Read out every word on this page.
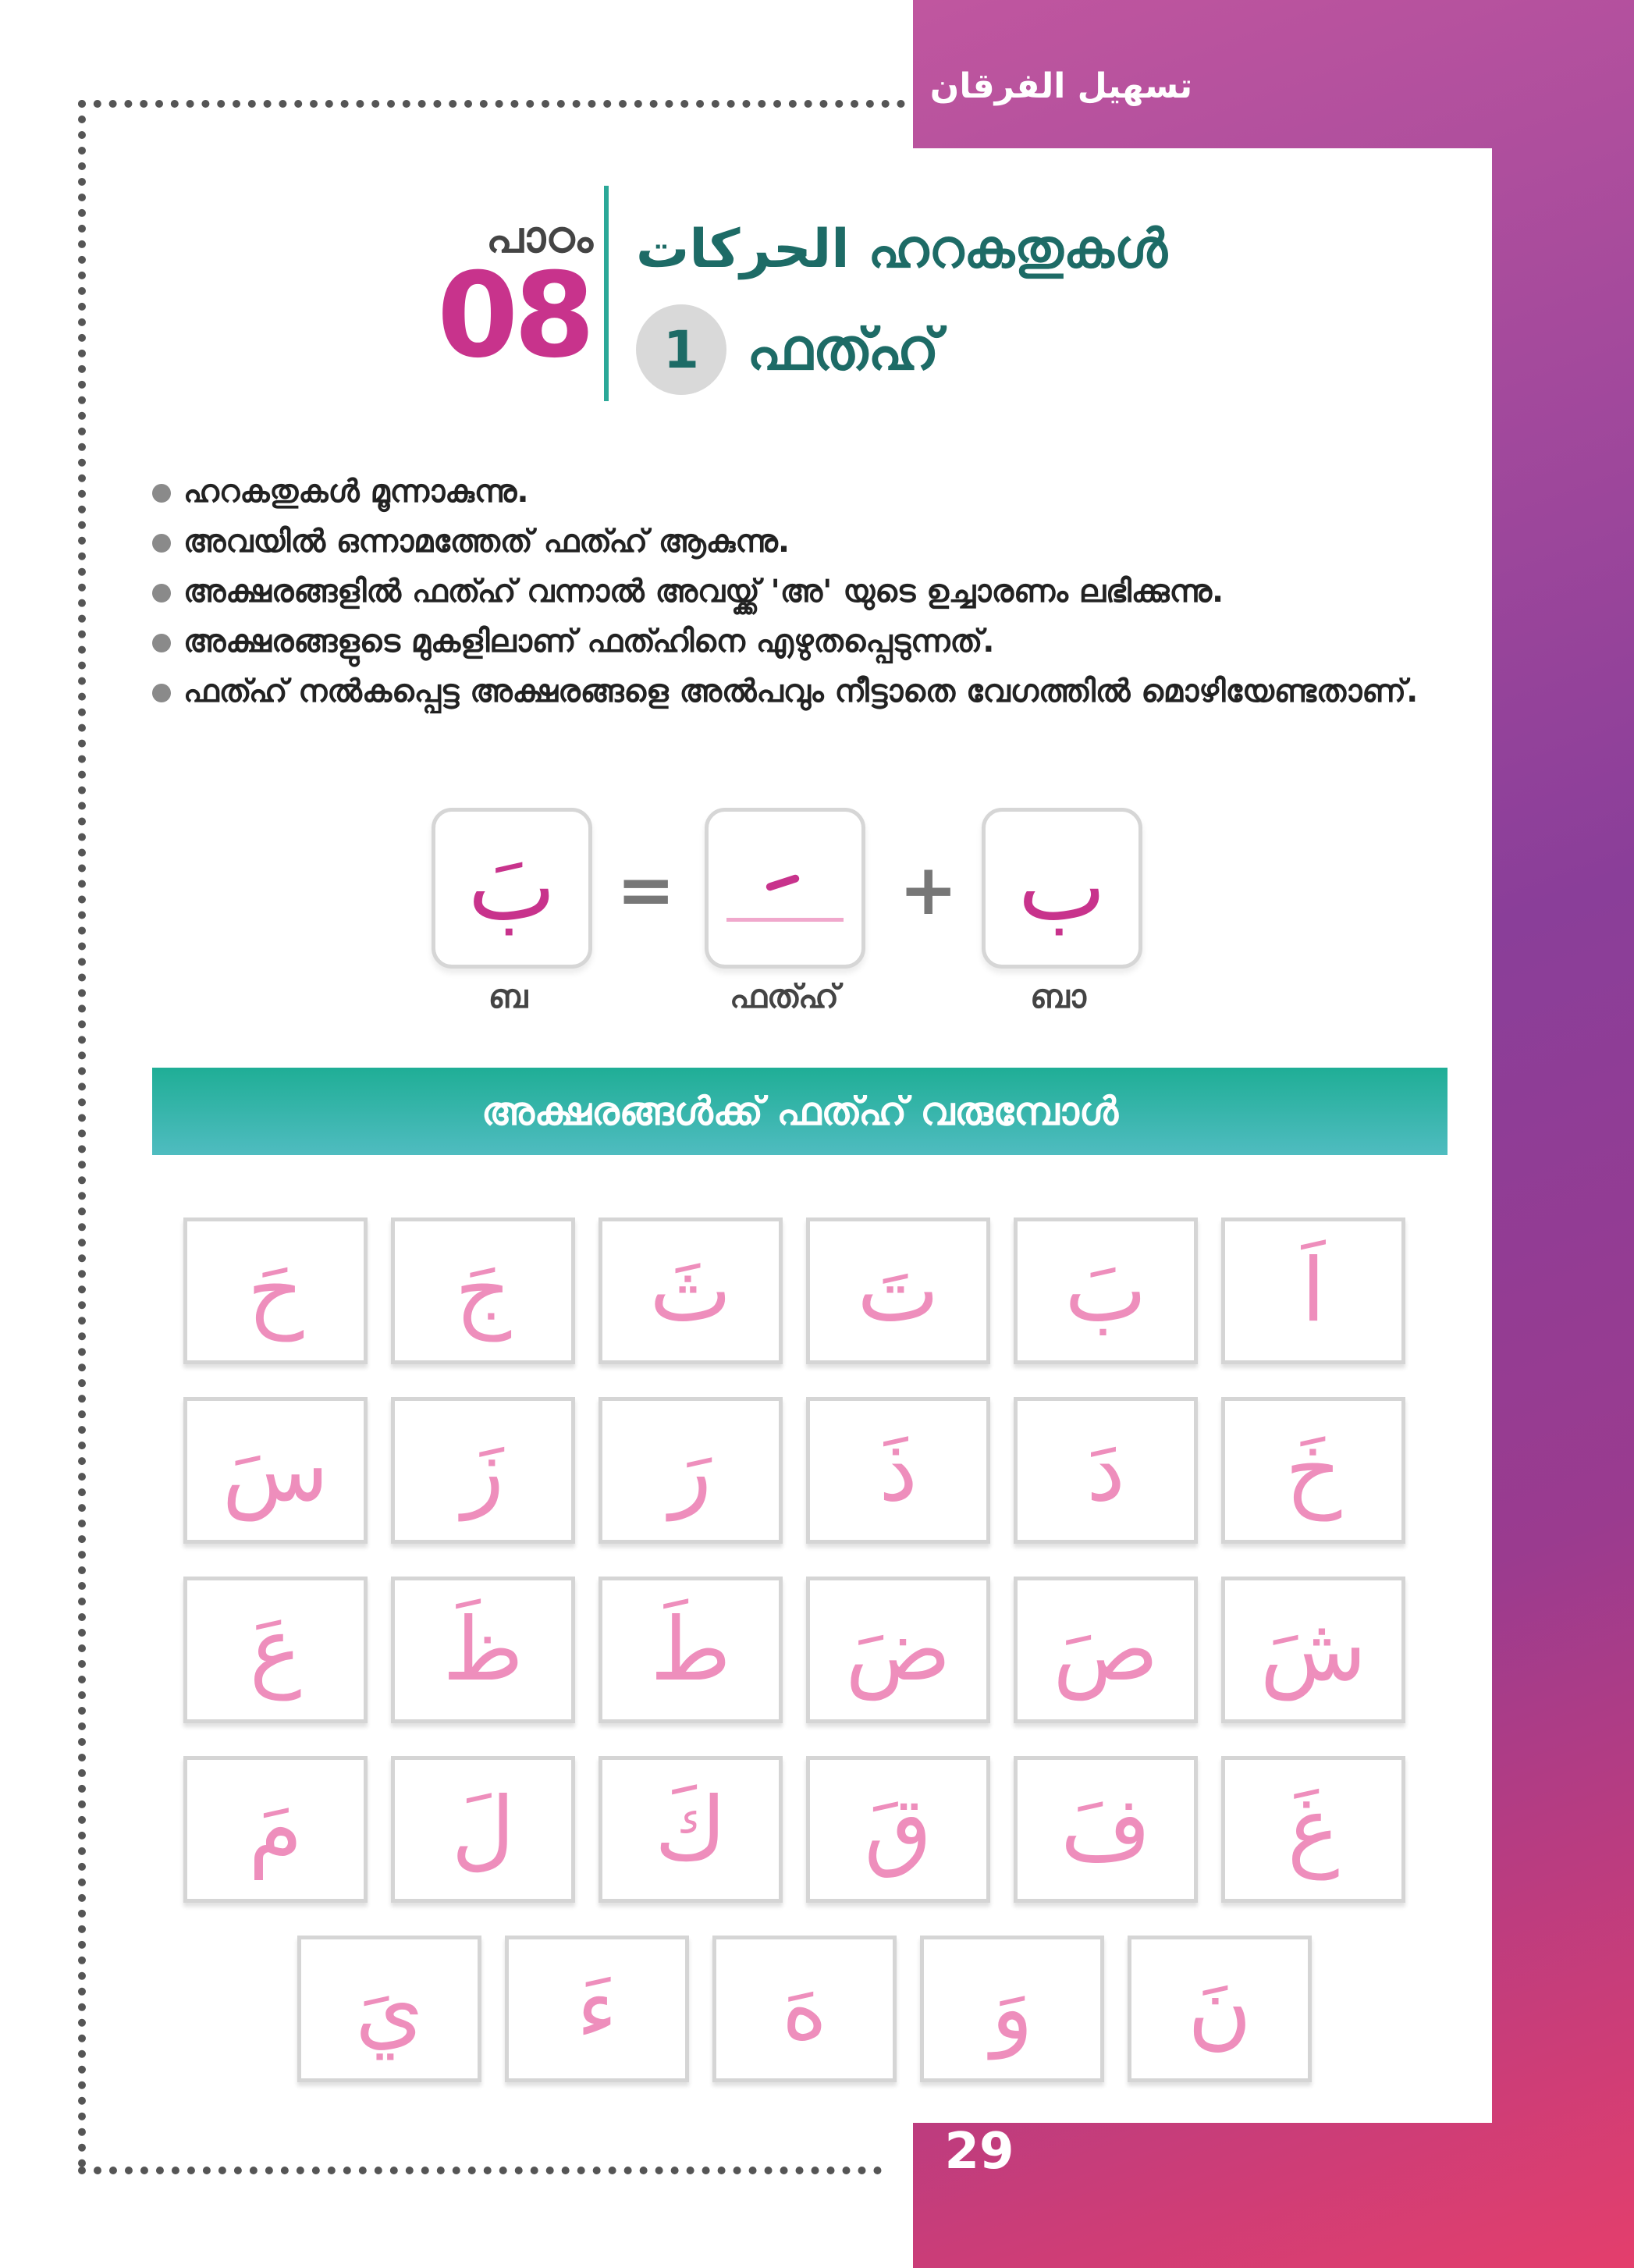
تسهيل الفرقان
29
പാഠം
08 الحركات ഹറകതുകൾ
1 ഫത്ഹ്
ഹറകതുകൾ മൂന്നാകുന്നു.
അവയിൽ ഒന്നാമത്തേത് ഫത്ഹ് ആകുന്നു.
അക്ഷരങ്ങളിൽ ഫത്ഹ് വന്നാൽ അവയ്ക്ക് 'അ' യുടെ ഉച്ചാരണം ലഭിക്കുന്നു.
അക്ഷരങ്ങളുടെ മുകളിലാണ് ഫത്ഹിനെ എഴുതപ്പെടുന്നത്.
ഫത്ഹ് നൽകപ്പെട്ട അക്ഷരങ്ങളെ അൽപവും നീട്ടാതെ വേഗത്തിൽ മൊഴിയേണ്ടതാണ്.
بَ =	+ ب
ബ	ഫത്ഹ്	ബാ
അക്ഷരങ്ങൾക്ക് ഫത്ഹ് വരുമ്പോൾ
حَ جَ ثَ تَ بَ اَ
سَ زَ رَ ذَ دَ خَ
عَ ظَ طَ ضَ صَ شَ
مَ لَ كَ قَ فَ غَ
يَ ءَ هَ وَ نَ
